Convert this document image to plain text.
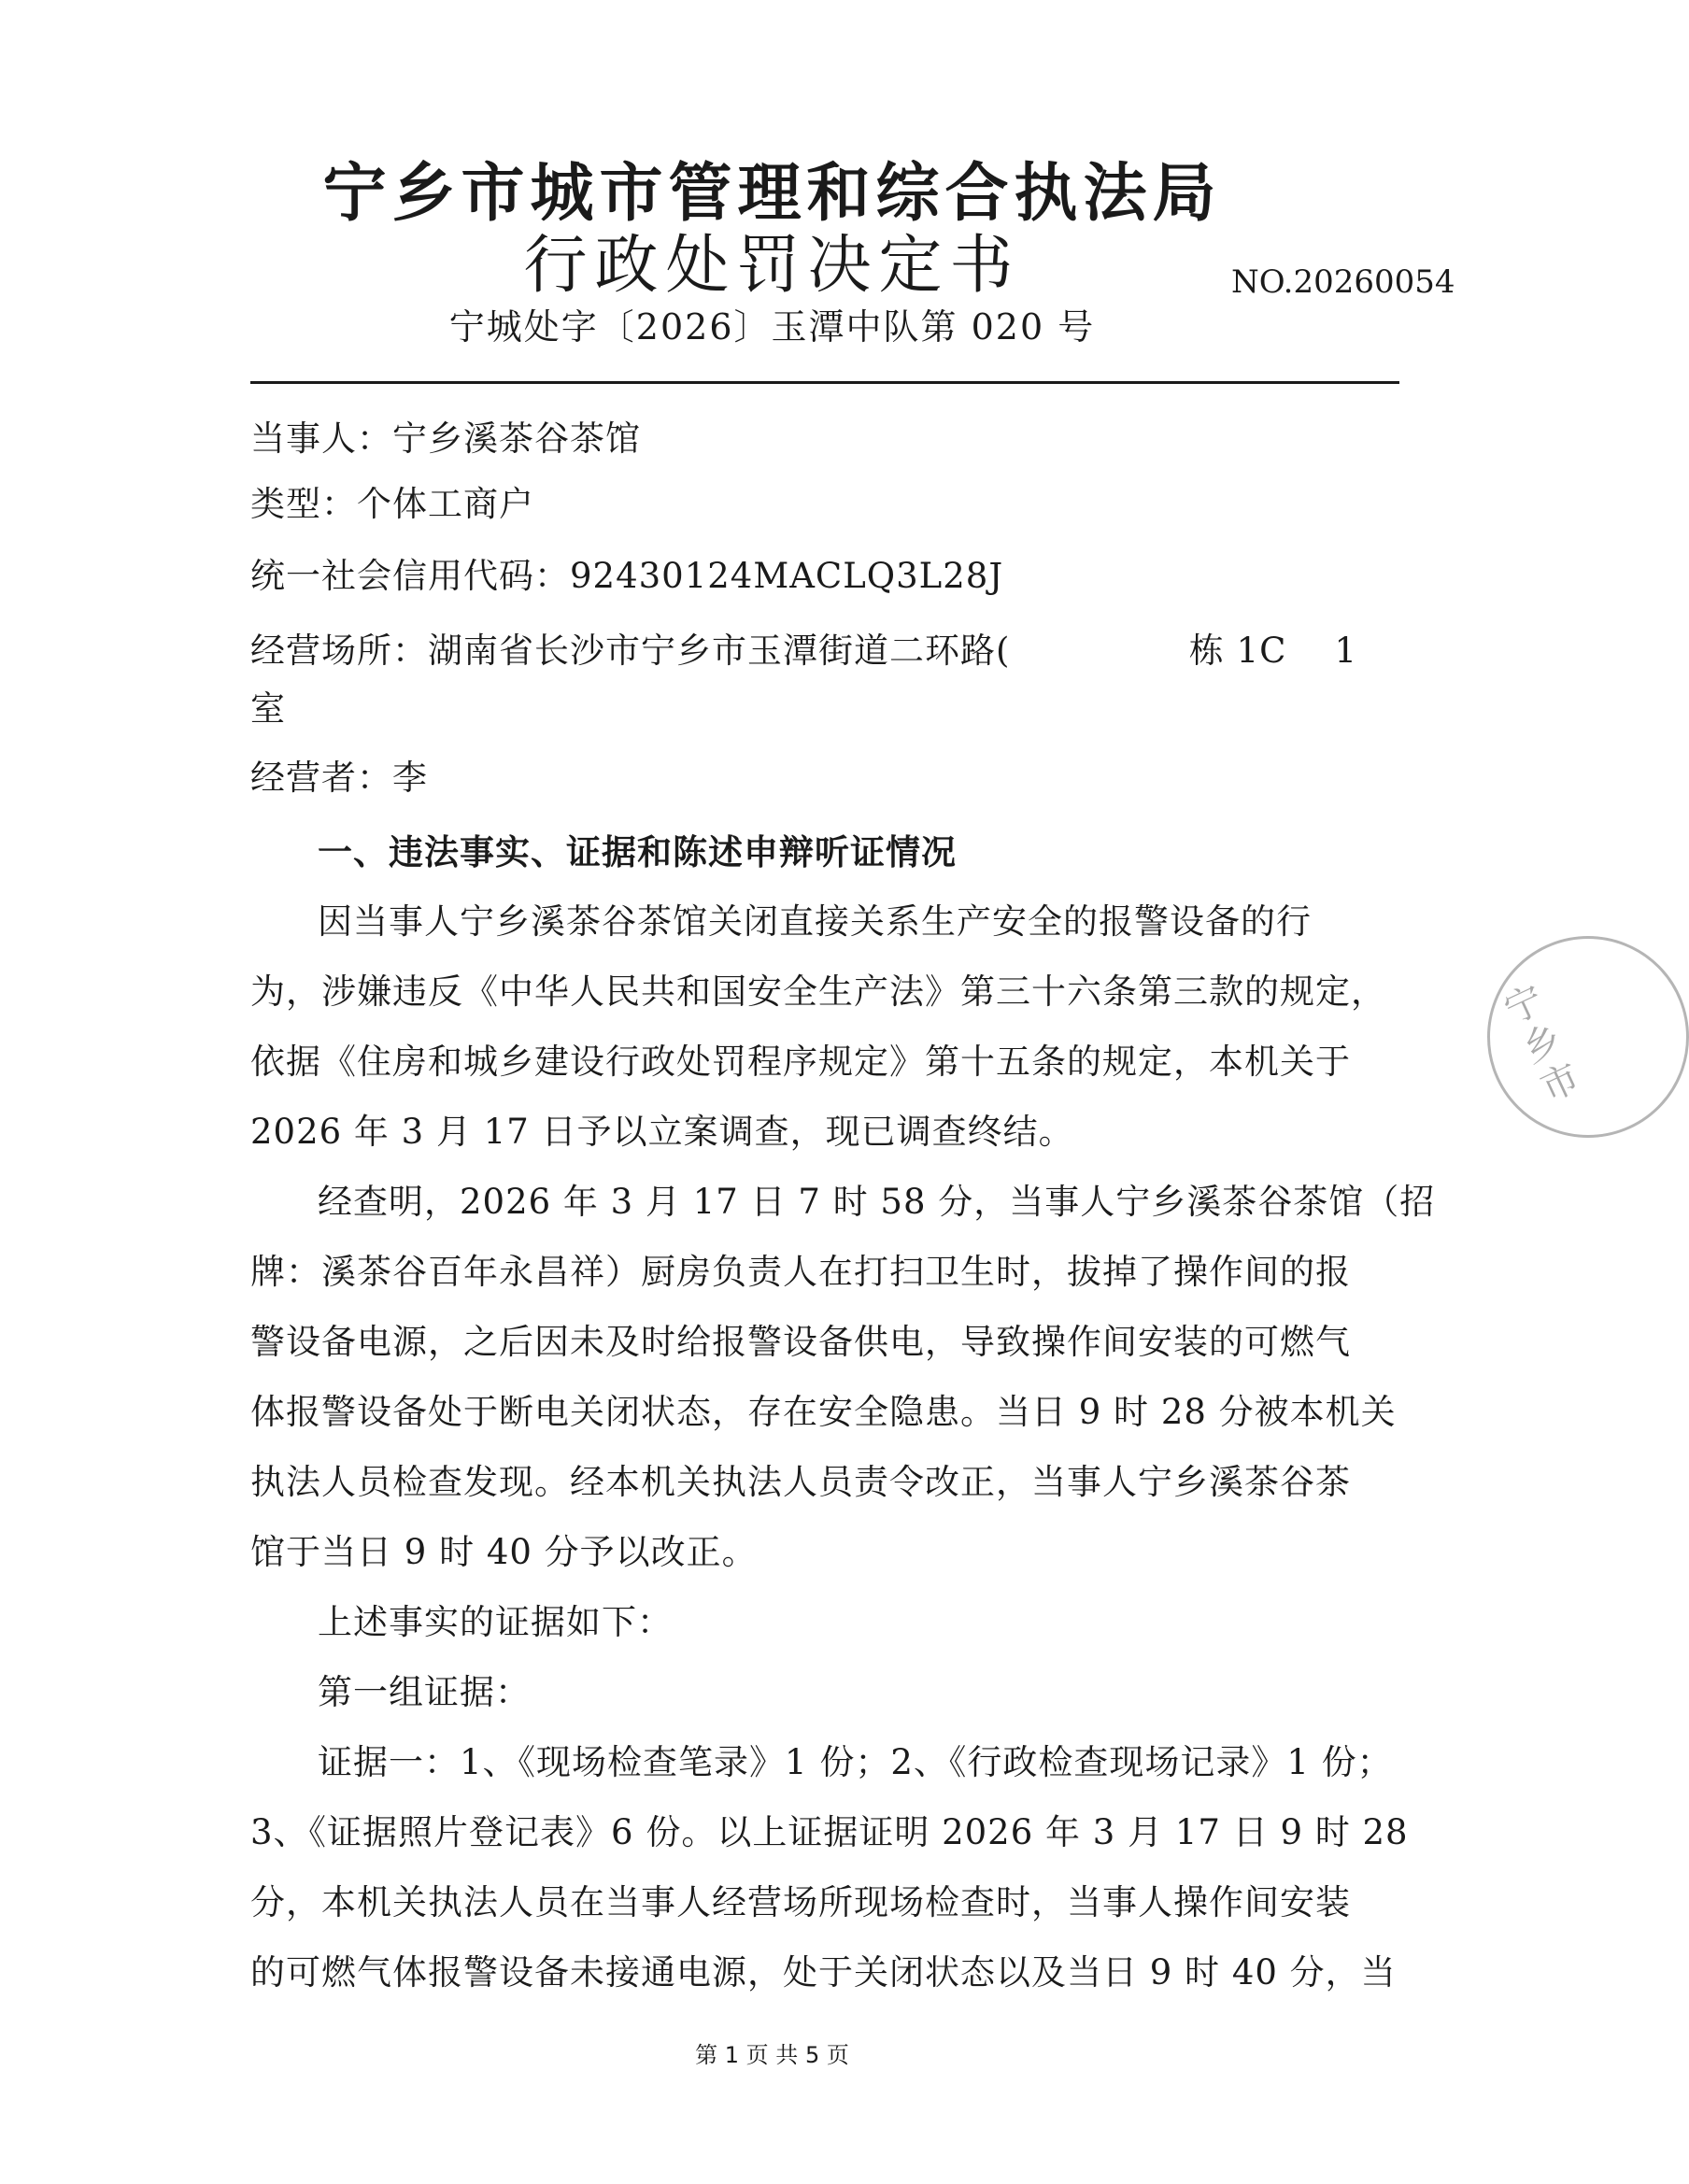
宁乡市城市管理和综合执法局
行政处罚决定书	NO.20260054
宁城处字〔2026〕玉潭中队第 020 号
当事人：宁乡溪茶谷茶馆
类型：个体工商户
统一社会信用代码：92430124MACLQ3L28J
经营场所：湖南省长沙市宁乡市玉潭街道二环路(	栋 1C 1
室
经营者：李
一、违法事实、证据和陈述申辩听证情况
因当事人宁乡溪茶谷茶馆关闭直接关系生产安全的报警设备的行
为，涉嫌违反《中华人民共和国安全生产法》第三十六条第三款的规定，
依据《住房和城乡建设行政处罚程序规定》第十五条的规定，本机关于
2026 年 3 月 17 日予以立案调查，现已调查终结。
经查明，2026 年 3 月 17 日 7 时 58 分，当事人宁乡溪茶谷茶馆（招
牌：溪茶谷百年永昌祥）厨房负责人在打扫卫生时，拔掉了操作间的报
警设备电源，之后因未及时给报警设备供电，导致操作间安装的可燃气
体报警设备处于断电关闭状态，存在安全隐患。当日 9 时 28 分被本机关
执法人员检查发现。经本机关执法人员责令改正，当事人宁乡溪茶谷茶
馆于当日 9 时 40 分予以改正。
上述事实的证据如下：
第一组证据：
证据一：1、《现场检查笔录》1 份；2、《行政检查现场记录》1 份；
3、《证据照片登记表》6 份。以上证据证明 2026 年 3 月 17 日 9 时 28
分，本机关执法人员在当事人经营场所现场检查时，当事人操作间安装
的可燃气体报警设备未接通电源，处于关闭状态以及当日 9 时 40 分，当
第 1 页 共 5 页
宁乡市
